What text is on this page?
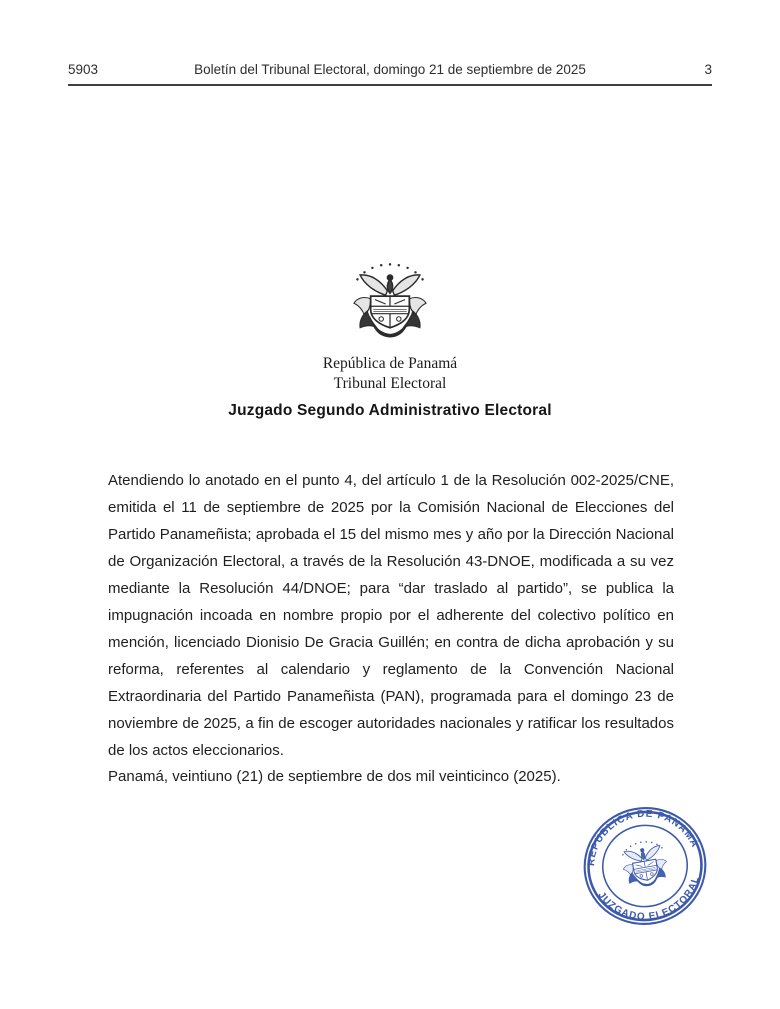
5903	Boletín del Tribunal Electoral, domingo 21 de septiembre de 2025	3
República de Panamá
Tribunal Electoral
Juzgado Segundo Administrativo Electoral

Atendiendo lo anotado en el punto 4, del artículo 1 de la Resolución 002-2025/CNE, emitida el 11 de septiembre de 2025 por la Comisión Nacional de Elecciones del Partido Panameñista; aprobada el 15 del mismo mes y año por la Dirección Nacional de Organización Electoral, a través de la Resolución 43-DNOE, modificada a su vez mediante la Resolución 44/DNOE; para “dar traslado al partido”, se publica la impugnación incoada en nombre propio por el adherente del colectivo político en mención, licenciado Dionisio De Gracia Guillén; en contra de dicha aprobación y su reforma, referentes al calendario y reglamento de la Convención Nacional Extraordinaria del Partido Panameñista (PAN), programada para el domingo 23 de noviembre de 2025, a fin de escoger autoridades nacionales y ratificar los resultados de los actos eleccionarios.

Panamá, veintiuno (21) de septiembre de dos mil veinticinco (2025).
REPÚBLICA DE PANAMÁ
JUZGADO ELECTORAL
